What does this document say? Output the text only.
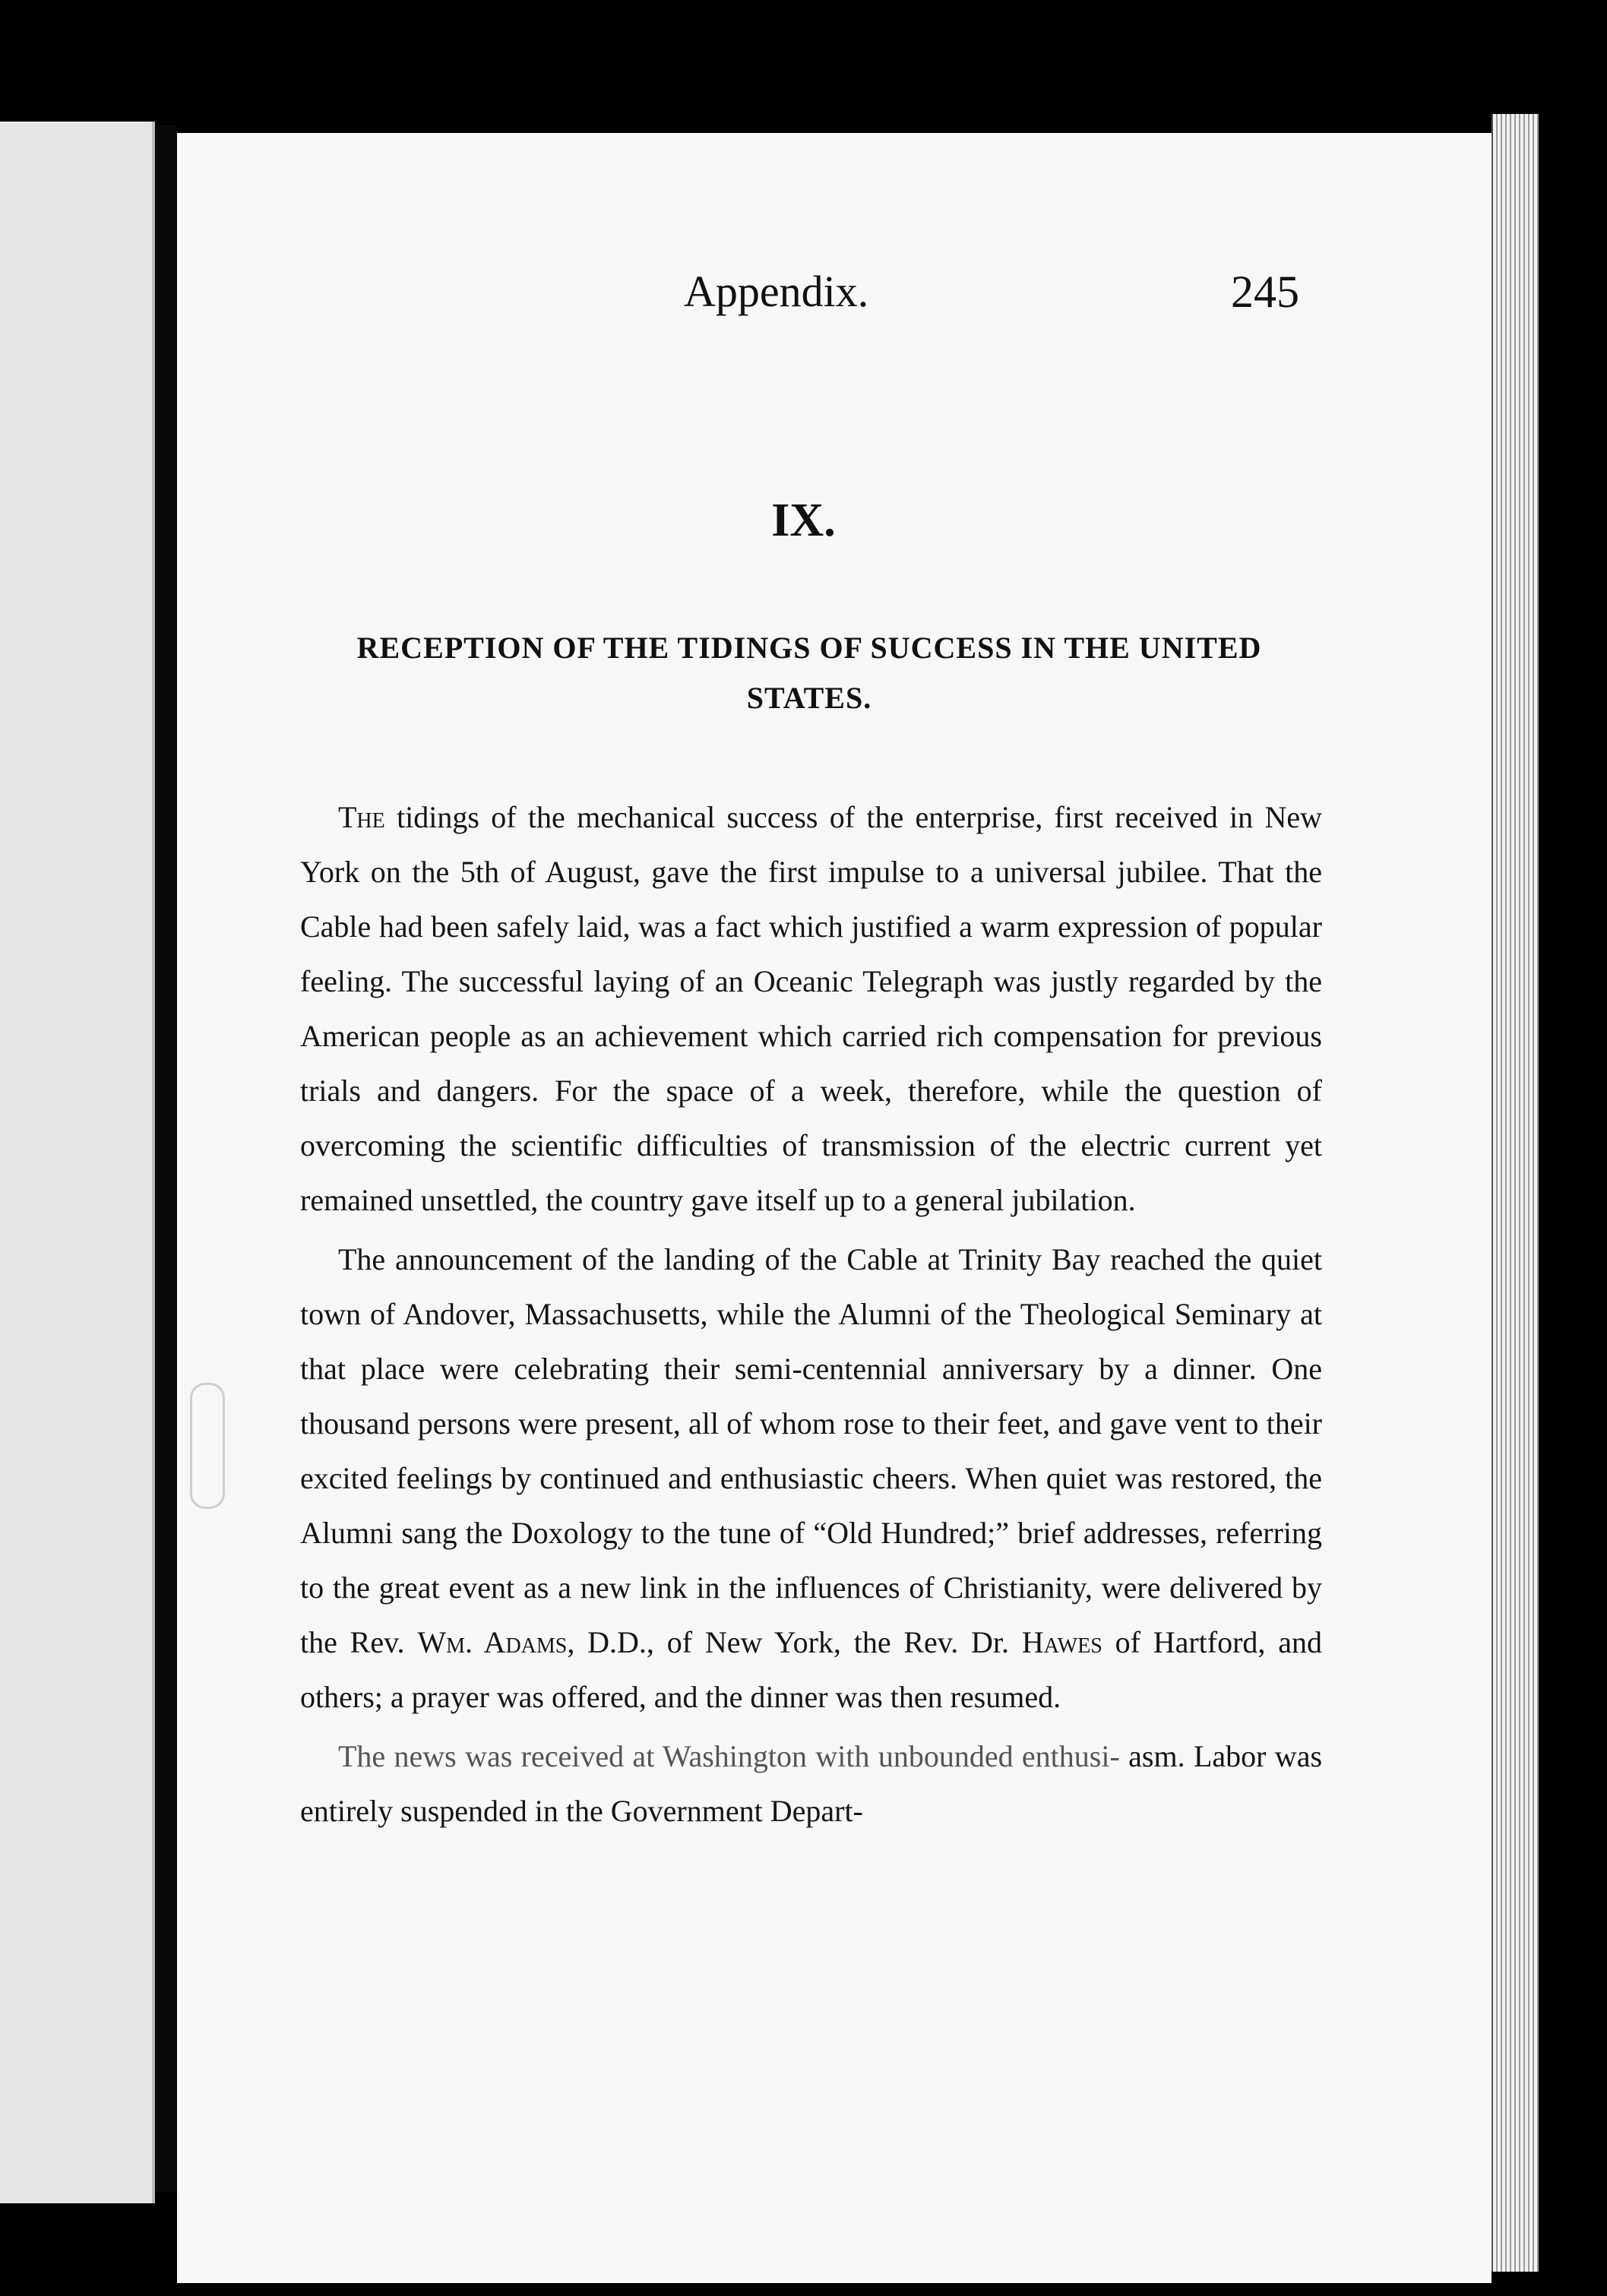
Appendix.	245
IX.
RECEPTION OF THE TIDINGS OF SUCCESS IN THE UNITED STATES.

The tidings of the mechanical success of the enterprise, first received in New York on the 5th of August, gave the first impulse to a universal jubilee. That the Cable had been safely laid, was a fact which justified a warm expression of popular feeling. The successful laying of an Oceanic Telegraph was justly regarded by the American people as an achievement which carried rich compensation for previous trials and dangers. For the space of a week, therefore, while the question of overcoming the scientific difficulties of transmission of the electric current yet remained unsettled, the country gave itself up to a general jubilation.

The announcement of the landing of the Cable at Trinity Bay reached the quiet town of Andover, Massachusetts, while the Alumni of the Theological Seminary at that place were celebrating their semi-centennial anniversary by a dinner. One thousand persons were present, all of whom rose to their feet, and gave vent to their excited feelings by continued and enthusiastic cheers. When quiet was restored, the Alumni sang the Doxology to the tune of “Old Hundred;” brief addresses, referring to the great event as a new link in the influences of Christianity, were delivered by the Rev. Wm. Adams, D.D., of New York, the Rev. Dr. Hawes of Hartford, and others; a prayer was offered, and the dinner was then resumed.

The news was received at Washington with unbounded enthusi- asm. Labor was entirely suspended in the Government Depart-
